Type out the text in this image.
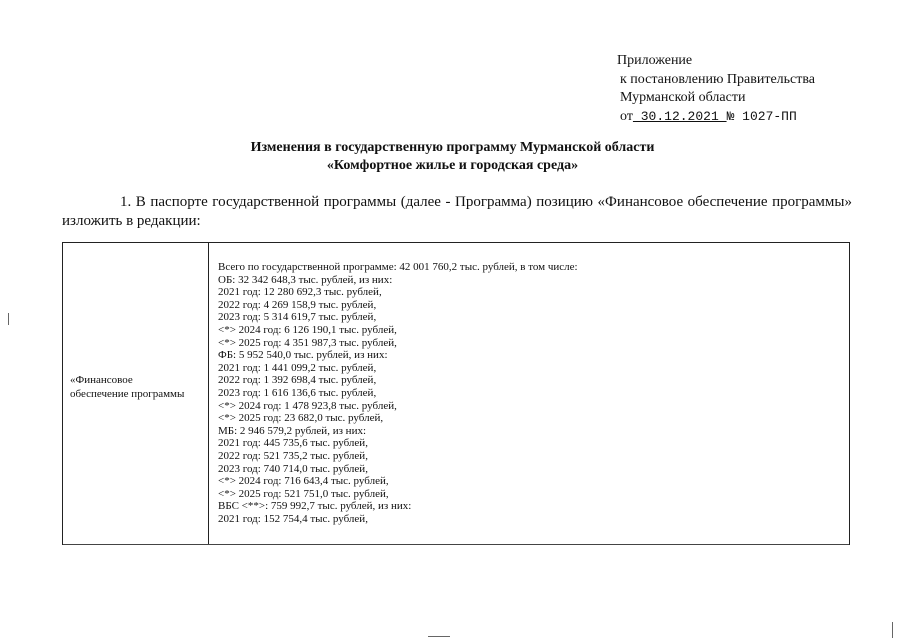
Приложение
к постановлению Правительства
Мурманской области
от 30.12.2021 № 1027-ПП
Изменения в государственную программу Мурманской области
«Комфортное жилье и городская среда»
1. В паспорте государственной программы (далее - Программа) позицию «Финансовое обеспечение программы» изложить в редакции:
«Финансовое
обеспечение программы
Всего по государственной программе: 42 001 760,2 тыс. рублей, в том числе:
ОБ: 32 342 648,3 тыс. рублей, из них:
2021 год: 12 280 692,3 тыс. рублей,
2022 год: 4 269 158,9 тыс. рублей,
2023 год: 5 314 619,7 тыс. рублей,
<*> 2024 год: 6 126 190,1 тыс. рублей,
<*> 2025 год: 4 351 987,3 тыс. рублей,
ФБ: 5 952 540,0 тыс. рублей, из них:
2021 год: 1 441 099,2 тыс. рублей,
2022 год: 1 392 698,4 тыс. рублей,
2023 год: 1 616 136,6 тыс. рублей,
<*> 2024 год: 1 478 923,8 тыс. рублей,
<*> 2025 год: 23 682,0 тыс. рублей,
МБ: 2 946 579,2 рублей, из них:
2021 год: 445 735,6 тыс. рублей,
2022 год: 521 735,2 тыс. рублей,
2023 год: 740 714,0 тыс. рублей,
<*> 2024 год: 716 643,4 тыс. рублей,
<*> 2025 год: 521 751,0 тыс. рублей,
ВБС <**>: 759 992,7 тыс. рублей, из них:
2021 год: 152 754,4 тыс. рублей,
